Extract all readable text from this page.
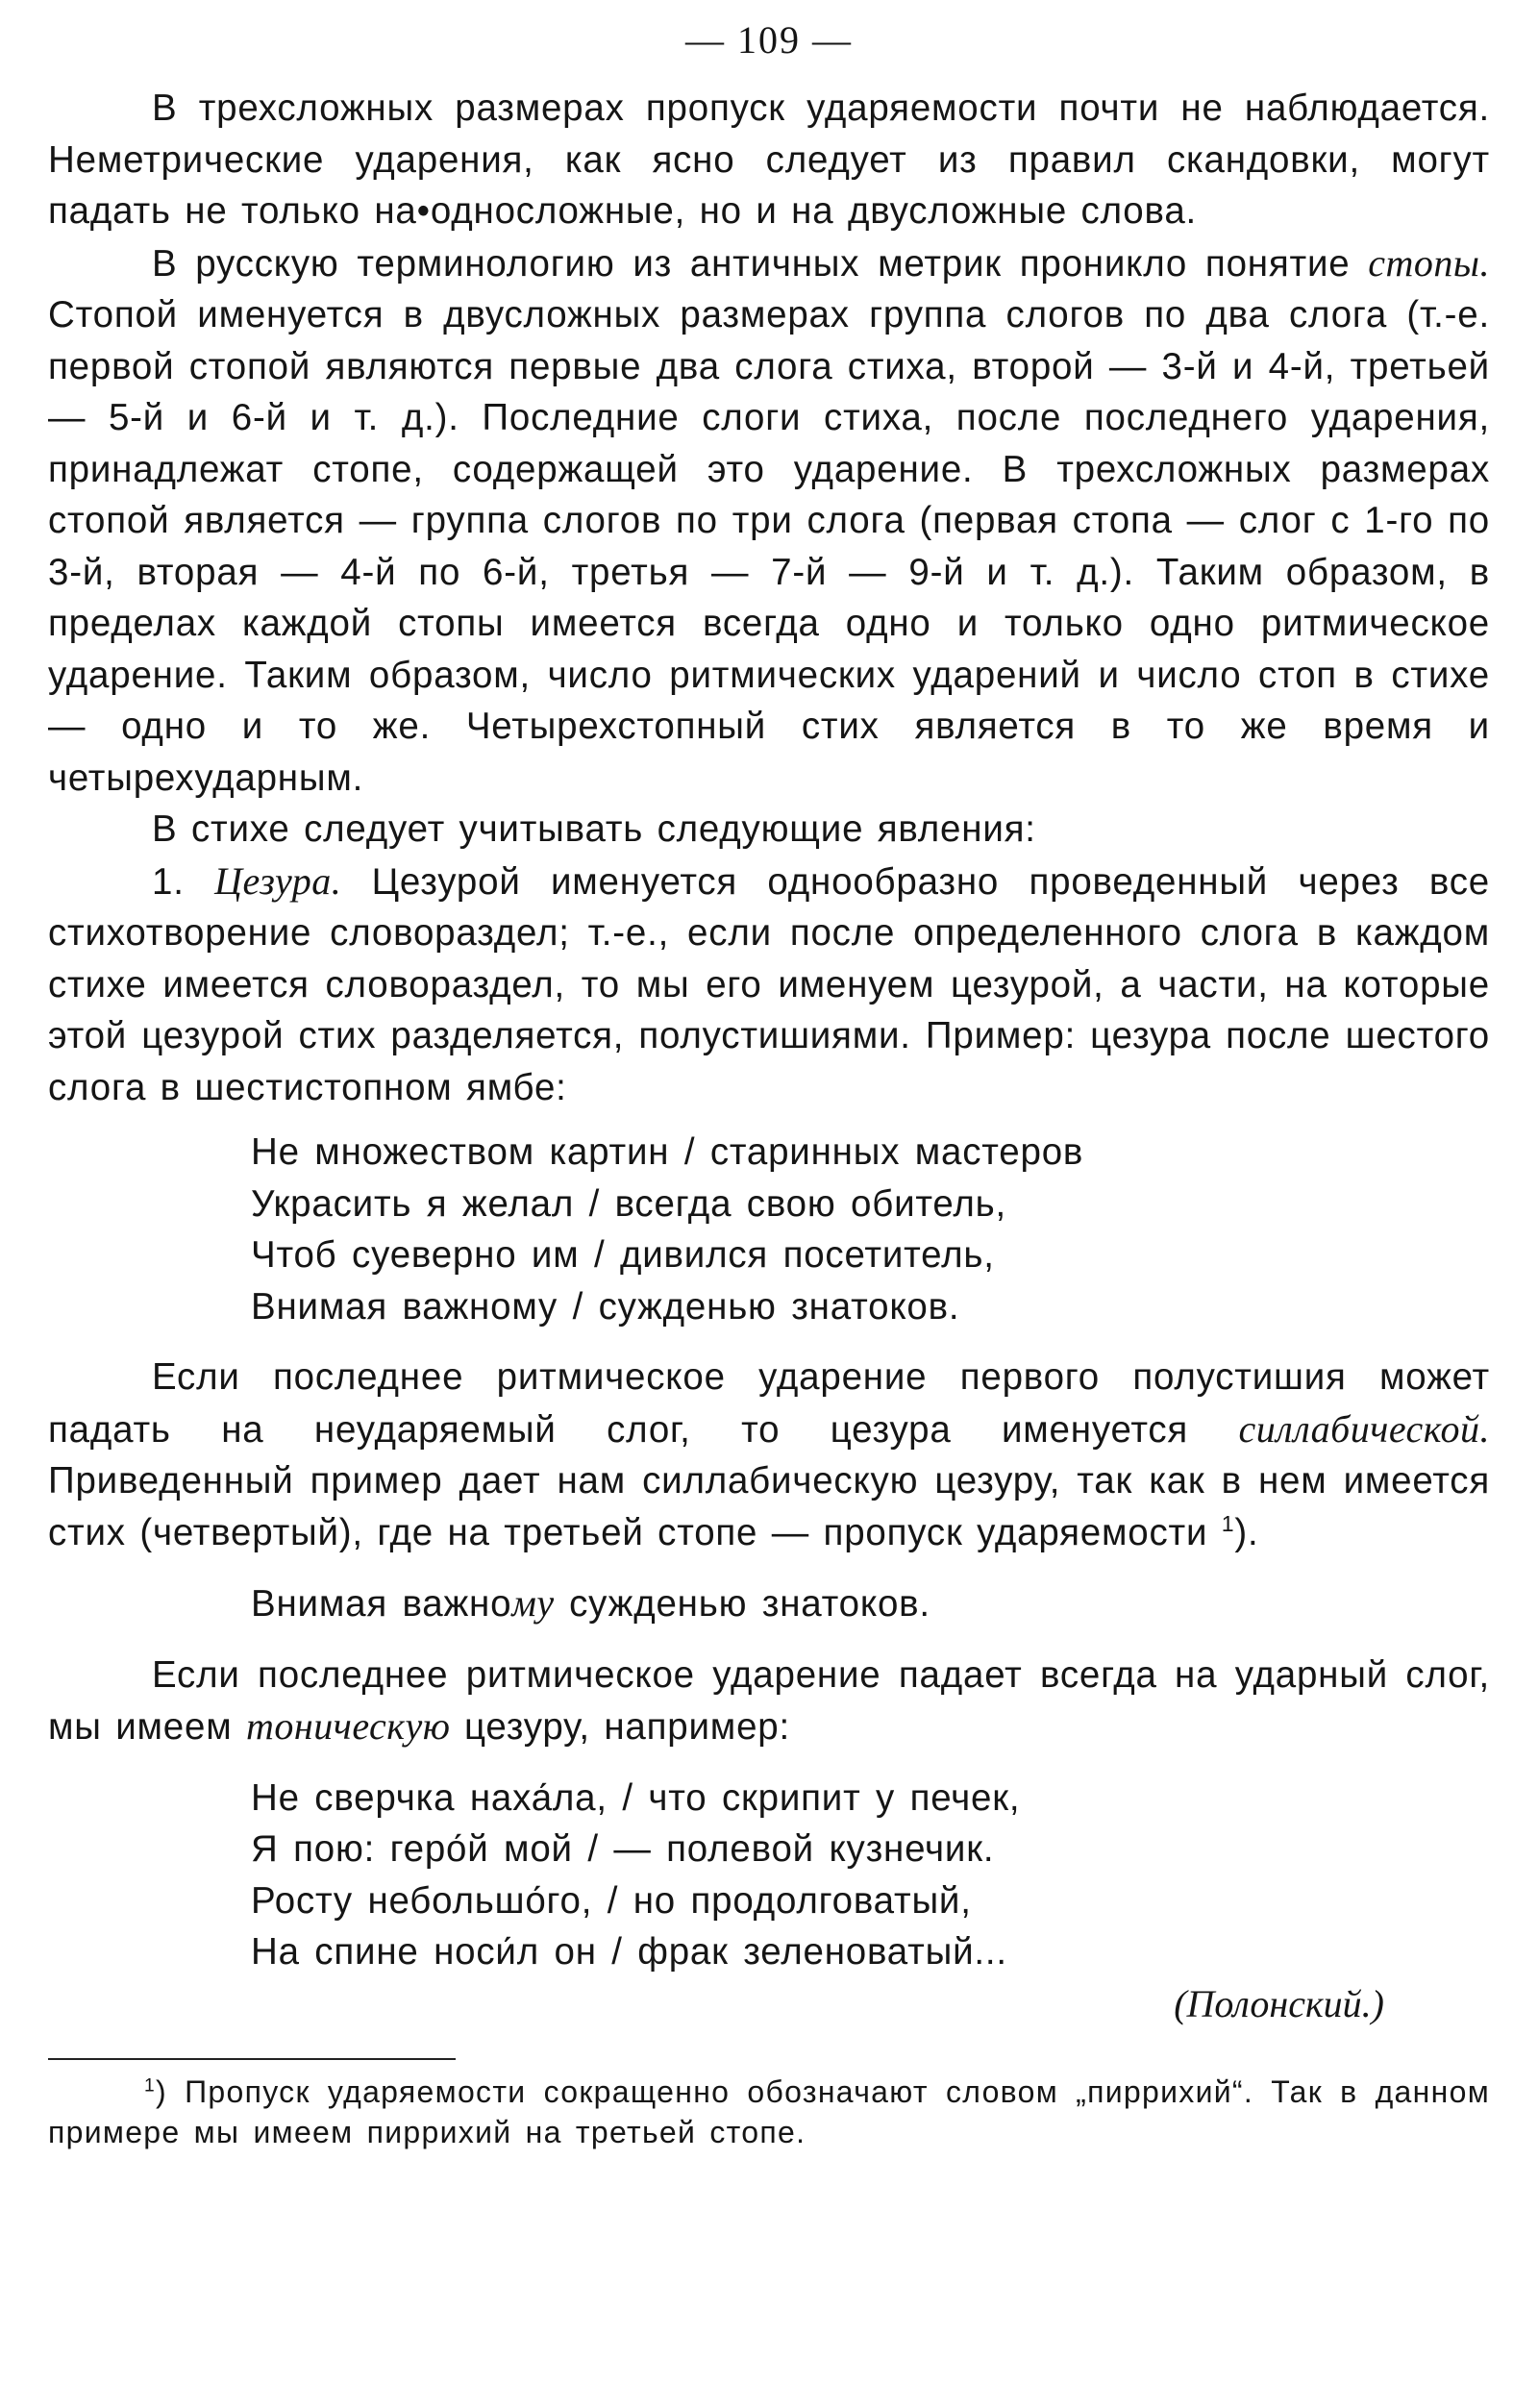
— 109 —

В трехсложных размерах пропуск ударяемости почти не наблюдается. Неметрические ударения, как ясно следует из правил скандовки, могут падать не только на•односложные, но и на двусложные слова.

В русскую терминологию из античных метрик проникло понятие стопы. Стопой именуется в двусложных размерах группа слогов по два слога (т.-е. первой стопой являются первые два слога стиха, второй — 3-й и 4-й, третьей — 5-й и 6-й и т. д.). Последние слоги стиха, после последнего ударения, принадлежат стопе, содержащей это ударение. В трехсложных размерах стопой является — группа слогов по три слога (первая стопа — слог с 1-го по 3-й, вторая — 4-й по 6-й, третья — 7-й — 9-й и т. д.). Таким образом, в пределах каждой стопы имеется всегда одно и только одно ритмическое ударение. Таким образом, число ритмических ударений и число стоп в стихе — одно и то же. Четырехстопный стих является в то же время и четырехударным.

В стихе следует учитывать следующие явления:

1. Цезура. Цезурой именуется однообразно проведенный через все стихотворение словораздел; т.-е., если после определенного слога в каждом стихе имеется словораздел, то мы его именуем цезурой, а части, на которые этой цезурой стих разделяется, полустишиями. Пример: цезура после шестого слога в шестистопном ямбе:

Не множеством картин / старинных мастеров
Украсить я желал / всегда свою обитель,
Чтоб суеверно им / дивился посетитель,
Внимая важному / сужденью знатоков.

Если последнее ритмическое ударение первого полустишия может падать на неударяемый слог, то цезура именуется силлабической. Приведенный пример дает нам силлабическую цезуру, так как в нем имеется стих (четвертый), где на третьей стопе — пропуск ударяемости $^1$).

Внимая важному сужденью знатоков.

Если последнее ритмическое ударение падает всегда на ударный слог, мы имеем тоническую цезуру, например:

Не сверчка наха́ла, / что скрипит у печек,
Я пою: геро́й мой / — полевой кузнечик.
Росту небольшо́го, / но продолговатый,
На спине носи́л он / фрак зеленоватый...
(Полонский.)

$^1$) Пропуск ударяемости сокращенно обозначают словом „пиррихий“. Так в данном примере мы имеем пиррихий на третьей стопе.
